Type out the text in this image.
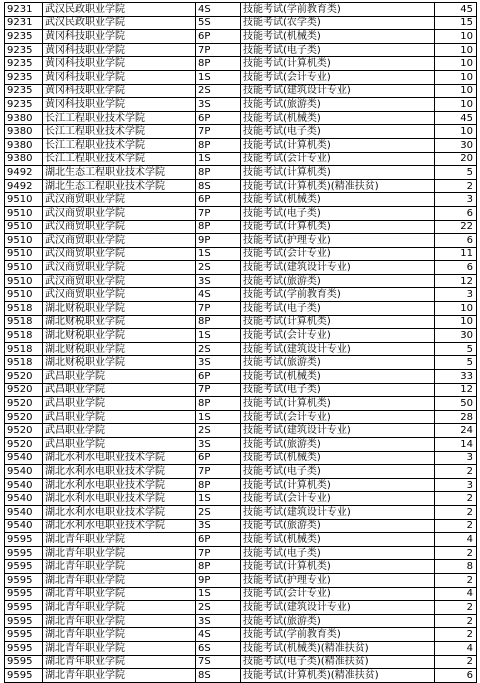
9231	武汉民政职业学院	4S	技能考试(学前教育类)	45
9231	武汉民政职业学院	5S	技能考试(农学类)	15
9235	黄冈科技职业学院	6P	技能考试(机械类)	10
9235	黄冈科技职业学院	7P	技能考试(电子类)	10
9235	黄冈科技职业学院	8P	技能考试(计算机类)	10
9235	黄冈科技职业学院	1S	技能考试(会计专业)	10
9235	黄冈科技职业学院	2S	技能考试(建筑设计专业)	10
9235	黄冈科技职业学院	3S	技能考试(旅游类)	10
9380	长江工程职业技术学院	6P	技能考试(机械类)	45
9380	长江工程职业技术学院	7P	技能考试(电子类)	10
9380	长江工程职业技术学院	8P	技能考试(计算机类)	30
9380	长江工程职业技术学院	1S	技能考试(会计专业)	20
9492	湖北生态工程职业技术学院	8P	技能考试(计算机类)	5
9492	湖北生态工程职业技术学院	8S	技能考试(计算机类)(精准扶贫)	2
9510	武汉商贸职业学院	6P	技能考试(机械类)	3
9510	武汉商贸职业学院	7P	技能考试(电子类)	6
9510	武汉商贸职业学院	8P	技能考试(计算机类)	22
9510	武汉商贸职业学院	9P	技能考试(护理专业)	6
9510	武汉商贸职业学院	1S	技能考试(会计专业)	11
9510	武汉商贸职业学院	2S	技能考试(建筑设计专业)	6
9510	武汉商贸职业学院	3S	技能考试(旅游类)	12
9510	武汉商贸职业学院	4S	技能考试(学前教育类)	3
9518	湖北财税职业学院	7P	技能考试(电子类)	10
9518	湖北财税职业学院	8P	技能考试(计算机类)	10
9518	湖北财税职业学院	1S	技能考试(会计专业)	30
9518	湖北财税职业学院	2S	技能考试(建筑设计专业)	5
9518	湖北财税职业学院	3S	技能考试(旅游类)	5
9520	武昌职业学院	6P	技能考试(机械类)	33
9520	武昌职业学院	7P	技能考试(电子类)	12
9520	武昌职业学院	8P	技能考试(计算机类)	50
9520	武昌职业学院	1S	技能考试(会计专业)	28
9520	武昌职业学院	2S	技能考试(建筑设计专业)	24
9520	武昌职业学院	3S	技能考试(旅游类)	14
9540	湖北水利水电职业技术学院	6P	技能考试(机械类)	3
9540	湖北水利水电职业技术学院	7P	技能考试(电子类)	2
9540	湖北水利水电职业技术学院	8P	技能考试(计算机类)	3
9540	湖北水利水电职业技术学院	1S	技能考试(会计专业)	2
9540	湖北水利水电职业技术学院	2S	技能考试(建筑设计专业)	2
9540	湖北水利水电职业技术学院	3S	技能考试(旅游类)	2
9595	湖北青年职业学院	6P	技能考试(机械类)	4
9595	湖北青年职业学院	7P	技能考试(电子类)	2
9595	湖北青年职业学院	8P	技能考试(计算机类)	8
9595	湖北青年职业学院	9P	技能考试(护理专业)	2
9595	湖北青年职业学院	1S	技能考试(会计专业)	4
9595	湖北青年职业学院	2S	技能考试(建筑设计专业)	2
9595	湖北青年职业学院	3S	技能考试(旅游类)	2
9595	湖北青年职业学院	4S	技能考试(学前教育类)	2
9595	湖北青年职业学院	6S	技能考试(机械类)(精准扶贫)	4
9595	湖北青年职业学院	7S	技能考试(电子类)(精准扶贫)	2
9595	湖北青年职业学院	8S	技能考试(计算机类)(精准扶贫)	6
